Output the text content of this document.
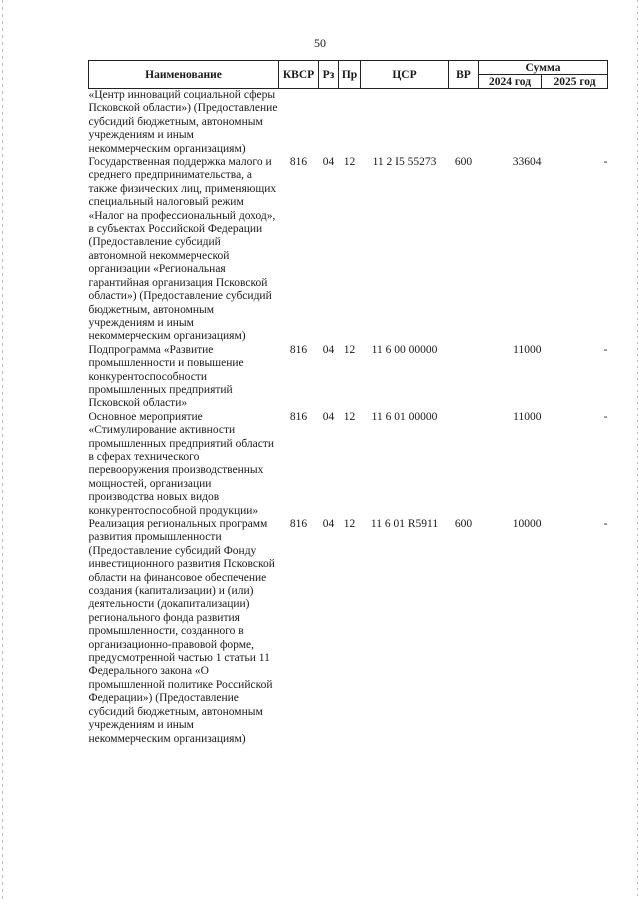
50
Наименование	КВСР	Рз	Пр	ЦСР	ВР	Сумма	
						2024 год	2025 год
«Центр инноваций социальной сферы Псковской области») (Предоставление субсидий бюджетным, автономным учреждениям и иным некоммерческим организациям)							
Государственная поддержка малого и среднего предпринимательства, а также физических лиц, применяющих специальный налоговый режим «Налог на профессиональный доход», в субъектах Российской Федерации (Предоставление субсидий автономной некоммерческой организации «Региональная гарантийная организация Псковской области») (Предоставление субсидий бюджетным, автономным учреждениям и иным некоммерческим организациям)	816	04	12	11 2 I5 55273	600	33604	-
Подпрограмма «Развитие промышленности и повышение конкурентоспособности промышленных предприятий Псковской области»	816	04	12	11 6 00 00000		11000	-
Основное мероприятие «Стимулирование активности промышленных предприятий области в сферах технического перевооружения производственных мощностей, организации производства новых видов конкурентоспособной продукции»	816	04	12	11 6 01 00000		11000	-
Реализация региональных программ развития промышленности (Предоставление субсидий Фонду инвестиционного развития Псковской области на финансовое обеспечение создания (капитализации) и (или) деятельности (докапитализации) регионального фонда развития промышленности, созданного в организационно-правовой форме, предусмотренной частью 1 статьи 11 Федерального закона «О промышленной политике Российской Федерации») (Предоставление субсидий бюджетным, автономным учреждениям и иным некоммерческим организациям)	816	04	12	11 6 01 R5911	600	10000	-
